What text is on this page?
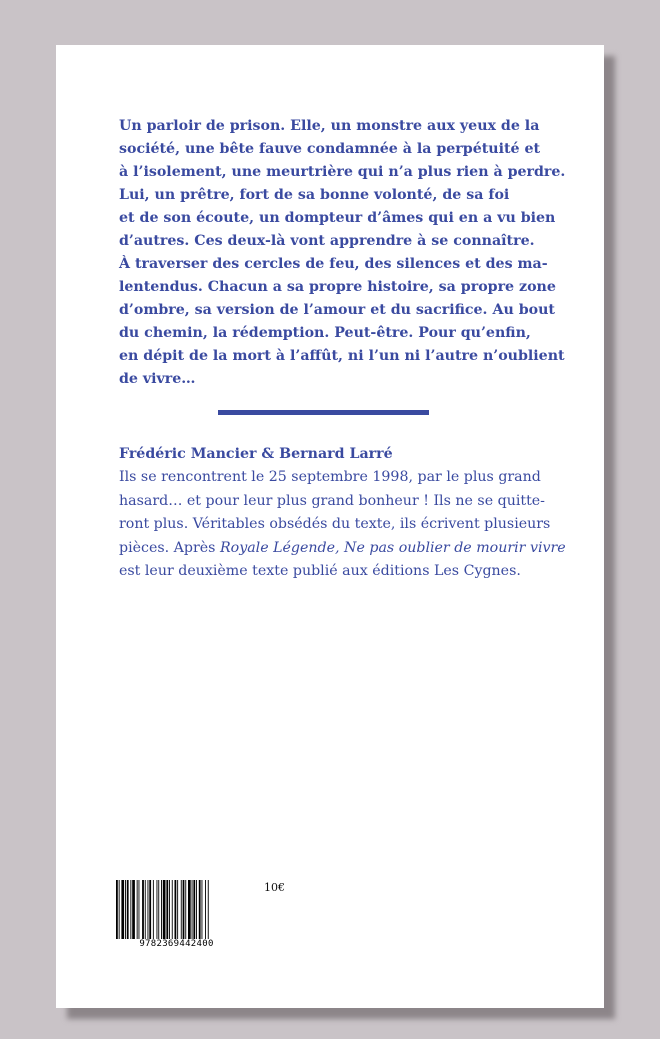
Un parloir de prison. Elle, un monstre aux yeux de la
société, une bête fauve condamnée à la perpétuité et
à l’isolement, une meurtrière qui n’a plus rien à perdre.
Lui, un prêtre, fort de sa bonne volonté, de sa foi
et de son écoute, un dompteur d’âmes qui en a vu bien
d’autres. Ces deux-là vont apprendre à se connaître.
À traverser des cercles de feu, des silences et des ma-
lentendus. Chacun a sa propre histoire, sa propre zone
d’ombre, sa version de l’amour et du sacrifice. Au bout
du chemin, la rédemption. Peut-être. Pour qu’enfin,
en dépit de la mort à l’affût, ni l’un ni l’autre n’oublient
de vivre…
Frédéric Mancier & Bernard Larré
Ils se rencontrent le 25 septembre 1998, par le plus grand
hasard… et pour leur plus grand bonheur ! Ils ne se quitte-
ront plus. Véritables obsédés du texte, ils écrivent plusieurs
pièces. Après Royale Légende, Ne pas oublier de mourir vivre
est leur deuxième texte publié aux éditions Les Cygnes.
9782369442400
10€
